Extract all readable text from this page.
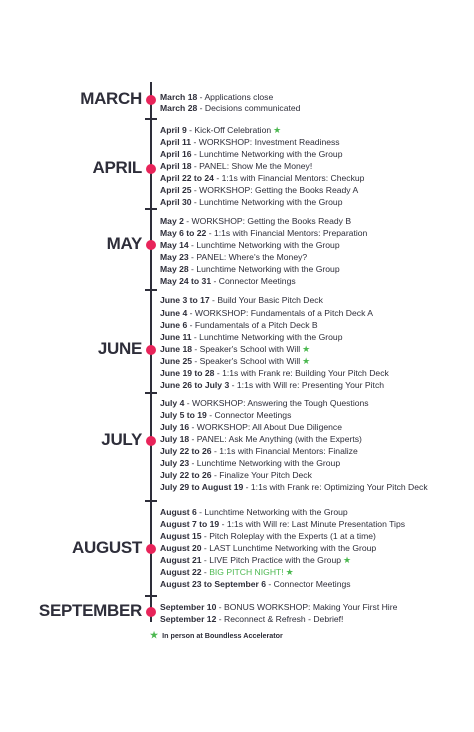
MARCH March 18 - Applications close
March 28 - Decisions communicated
APRIL
April 9 - Kick-Off Celebration ★
April 11 - WORKSHOP: Investment Readiness
April 16 - Lunchtime Networking with the Group
April 18 - PANEL: Show Me the Money!
April 22 to 24 - 1:1s with Financial Mentors: Checkup
April 25 - WORKSHOP: Getting the Books Ready A
April 30 - Lunchtime Networking with the Group
MAY
May 2 - WORKSHOP: Getting the Books Ready B
May 6 to 22 - 1:1s with Financial Mentors: Preparation
May 14 - Lunchtime Networking with the Group
May 23 - PANEL: Where's the Money?
May 28 - Lunchtime Networking with the Group
May 24 to 31 - Connector Meetings
JUNE
June 3 to 17 - Build Your Basic Pitch Deck
June 4 - WORKSHOP: Fundamentals of a Pitch Deck A
June 6 - Fundamentals of a Pitch Deck B
June 11 - Lunchtime Networking with the Group
June 18 - Speaker's School with Will ★
June 25 - Speaker's School with Will ★
June 19 to 28 - 1:1s with Frank re: Building Your Pitch Deck
June 26 to July 3 - 1:1s with Will re: Presenting Your Pitch
JULY
July 4 - WORKSHOP: Answering the Tough Questions
July 5 to 19 - Connector Meetings
July 16 - WORKSHOP: All About Due Diligence
July 18 - PANEL: Ask Me Anything (with the Experts)
July 22 to 26 - 1:1s with Financial Mentors: Finalize
July 23 - Lunchtime Networking with the Group
July 22 to 26 - Finalize Your Pitch Deck
July 29 to August 19 - 1:1s with Frank re: Optimizing Your Pitch Deck
AUGUST
August 6 - Lunchtime Networking with the Group
August 7 to 19 - 1:1s with Will re: Last Minute Presentation Tips
August 15 - Pitch Roleplay with the Experts (1 at a time)
August 20 - LAST Lunchtime Networking with the Group
August 21 - LIVE Pitch Practice with the Group ★
August 22 - BIG PITCH NIGHT! ★
August 23 to September 6 - Connector Meetings
SEPTEMBER September 10 - BONUS WORKSHOP: Making Your First Hire
September 12 - Reconnect & Refresh - Debrief!
★ In person at Boundless Accelerator
